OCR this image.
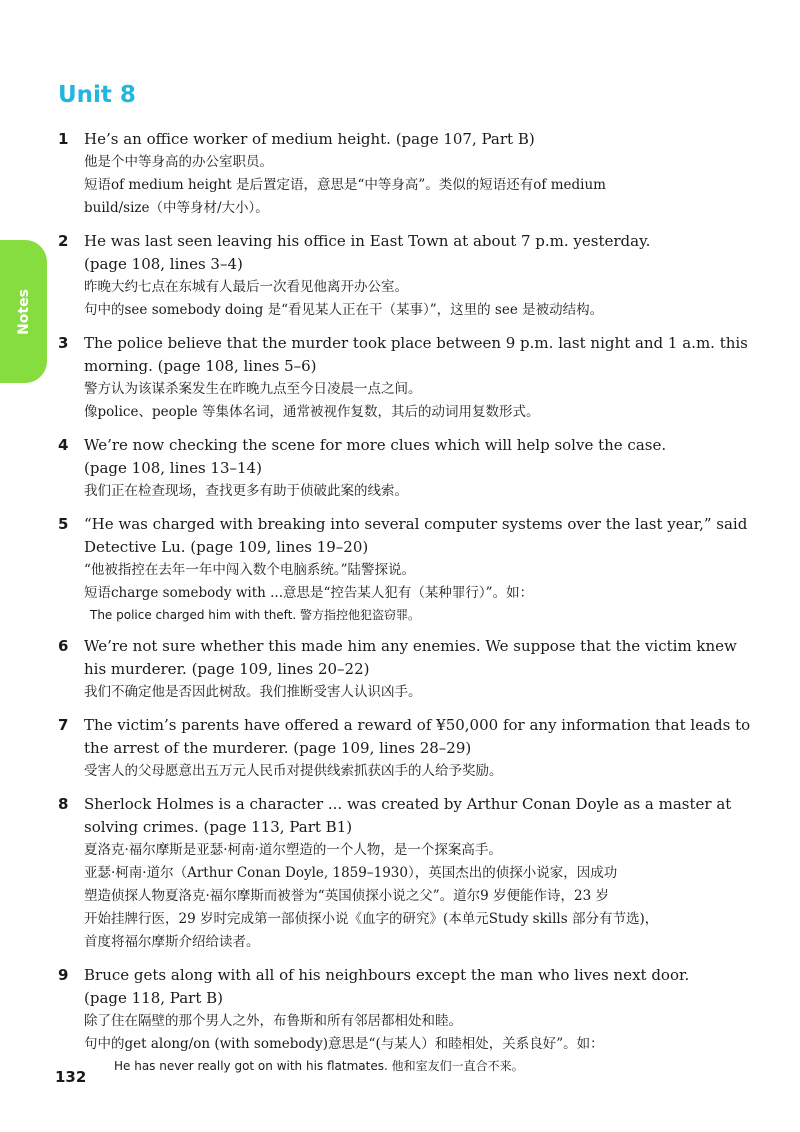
Notes
Unit 8
1	He’s an office worker of medium height. (page 107, Part B)
他是个中等身高的办公室职员。
短语of medium height 是后置定语，意思是“中等身高”。类似的短语还有of medium
build/size（中等身材/大小）。
2	He was last seen leaving his office in East Town at about 7 p.m. yesterday.
(page 108, lines 3–4)
昨晚大约七点在东城有人最后一次看见他离开办公室。
句中的see somebody doing 是“看见某人正在干（某事）”，这里的 see 是被动结构。
3	The police believe that the murder took place between 9 p.m. last night and 1 a.m. this
morning. (page 108, lines 5–6)
警方认为该谋杀案发生在昨晚九点至今日凌晨一点之间。
像police、people 等集体名词，通常被视作复数，其后的动词用复数形式。
4	We’re now checking the scene for more clues which will help solve the case.
(page 108, lines 13–14)
我们正在检查现场，查找更多有助于侦破此案的线索。
5	“He was charged with breaking into several computer systems over the last year,” said
Detective Lu. (page 109, lines 19–20)
“他被指控在去年一年中闯入数个电脑系统。”陆警探说。
短语charge somebody with ...意思是“控告某人犯有（某种罪行）”。如：
The police charged him with theft. 警方指控他犯盗窃罪。
6	We’re not sure whether this made him any enemies. We suppose that the victim knew
his murderer. (page 109, lines 20–22)
我们不确定他是否因此树敌。我们推断受害人认识凶手。
7	The victim’s parents have offered a reward of ¥50,000 for any information that leads to
the arrest of the murderer. (page 109, lines 28–29)
受害人的父母愿意出五万元人民币对提供线索抓获凶手的人给予奖励。
8	Sherlock Holmes is a character ... was created by Arthur Conan Doyle as a master at
solving crimes. (page 113, Part B1)
夏洛克·福尔摩斯是亚瑟·柯南·道尔塑造的一个人物，是一个探案高手。
亚瑟·柯南·道尔（Arthur Conan Doyle, 1859–1930），英国杰出的侦探小说家，因成功
塑造侦探人物夏洛克·福尔摩斯而被誉为“英国侦探小说之父”。道尔9 岁便能作诗，23 岁
开始挂牌行医，29 岁时完成第一部侦探小说《血字的研究》(本单元Study skills 部分有节选)，
首度将福尔摩斯介绍给读者。
9	Bruce gets along with all of his neighbours except the man who lives next door.
(page 118, Part B)
除了住在隔壁的那个男人之外，布鲁斯和所有邻居都相处和睦。
句中的get along/on (with somebody)意思是“(与某人）和睦相处，关系良好”。如：
He has never really got on with his flatmates. 他和室友们一直合不来。
132
